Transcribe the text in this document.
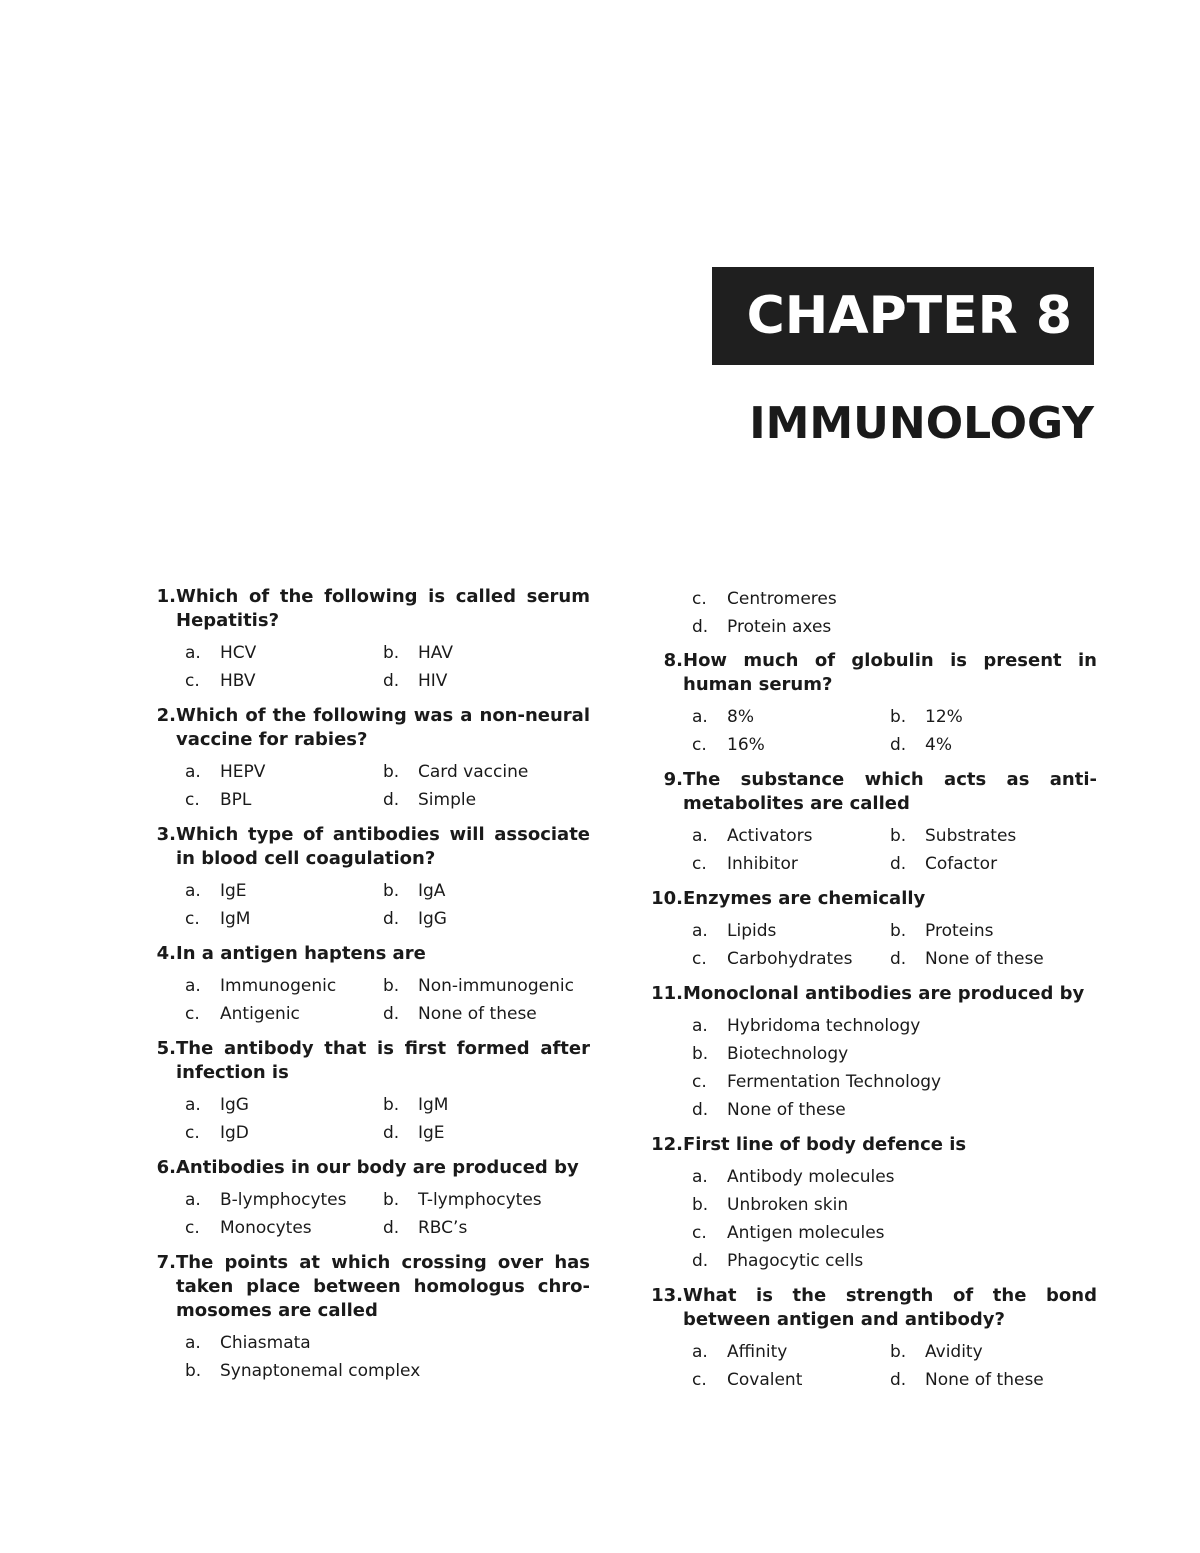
CHAPTER 8
IMMUNOLOGY
1. Which of the following is called serum Hepatitis?
a.	HCV	b.	HAV
c.	HBV	d.	HIV
2. Which of the following was a non-neural vaccine for rabies?
a.	HEPV	b.	Card vaccine
c.	BPL	d.	Simple
3. Which type of antibodies will associate in blood cell coagulation?
a.	IgE	b.	IgA
c.	IgM	d.	IgG
4. In a antigen haptens are
a.	Immunogenic	b.	Non-immunogenic
c.	Antigenic	d.	None of these
5. The antibody that is first formed after infection is
a.	IgG	b.	IgM
c.	IgD	d.	IgE
6. Antibodies in our body are produced by
a.	B-lymphocytes b.	T-lymphocytes
c.	Monocytes	d.	RBC’s
7. The points at which crossing over has taken place between homologus chro-mosomes are called
a.	Chiasmata
b.	Synaptonemal complex
c.	Centromeres
d.	Protein axes
8. How much of globulin is present in human serum?
a.	8%	b.	12%
c.	16%	d.	4%
9. The substance which acts as anti-metabolites are called
a.	Activators	b.	Substrates
c.	Inhibitor	d.	Cofactor
10. Enzymes are chemically
a.	Lipids	b.	Proteins
c.	Carbohydrates d.	None of these
11. Monoclonal antibodies are produced by
a.	Hybridoma technology
b.	Biotechnology
c.	Fermentation Technology
d.	None of these
12. First line of body defence is
a.	Antibody molecules
b.	Unbroken skin
c.	Antigen molecules
d.	Phagocytic cells
13. What is the strength of the bond between antigen and antibody?
a.	Affinity	b.	Avidity
c.	Covalent	d.	None of these
